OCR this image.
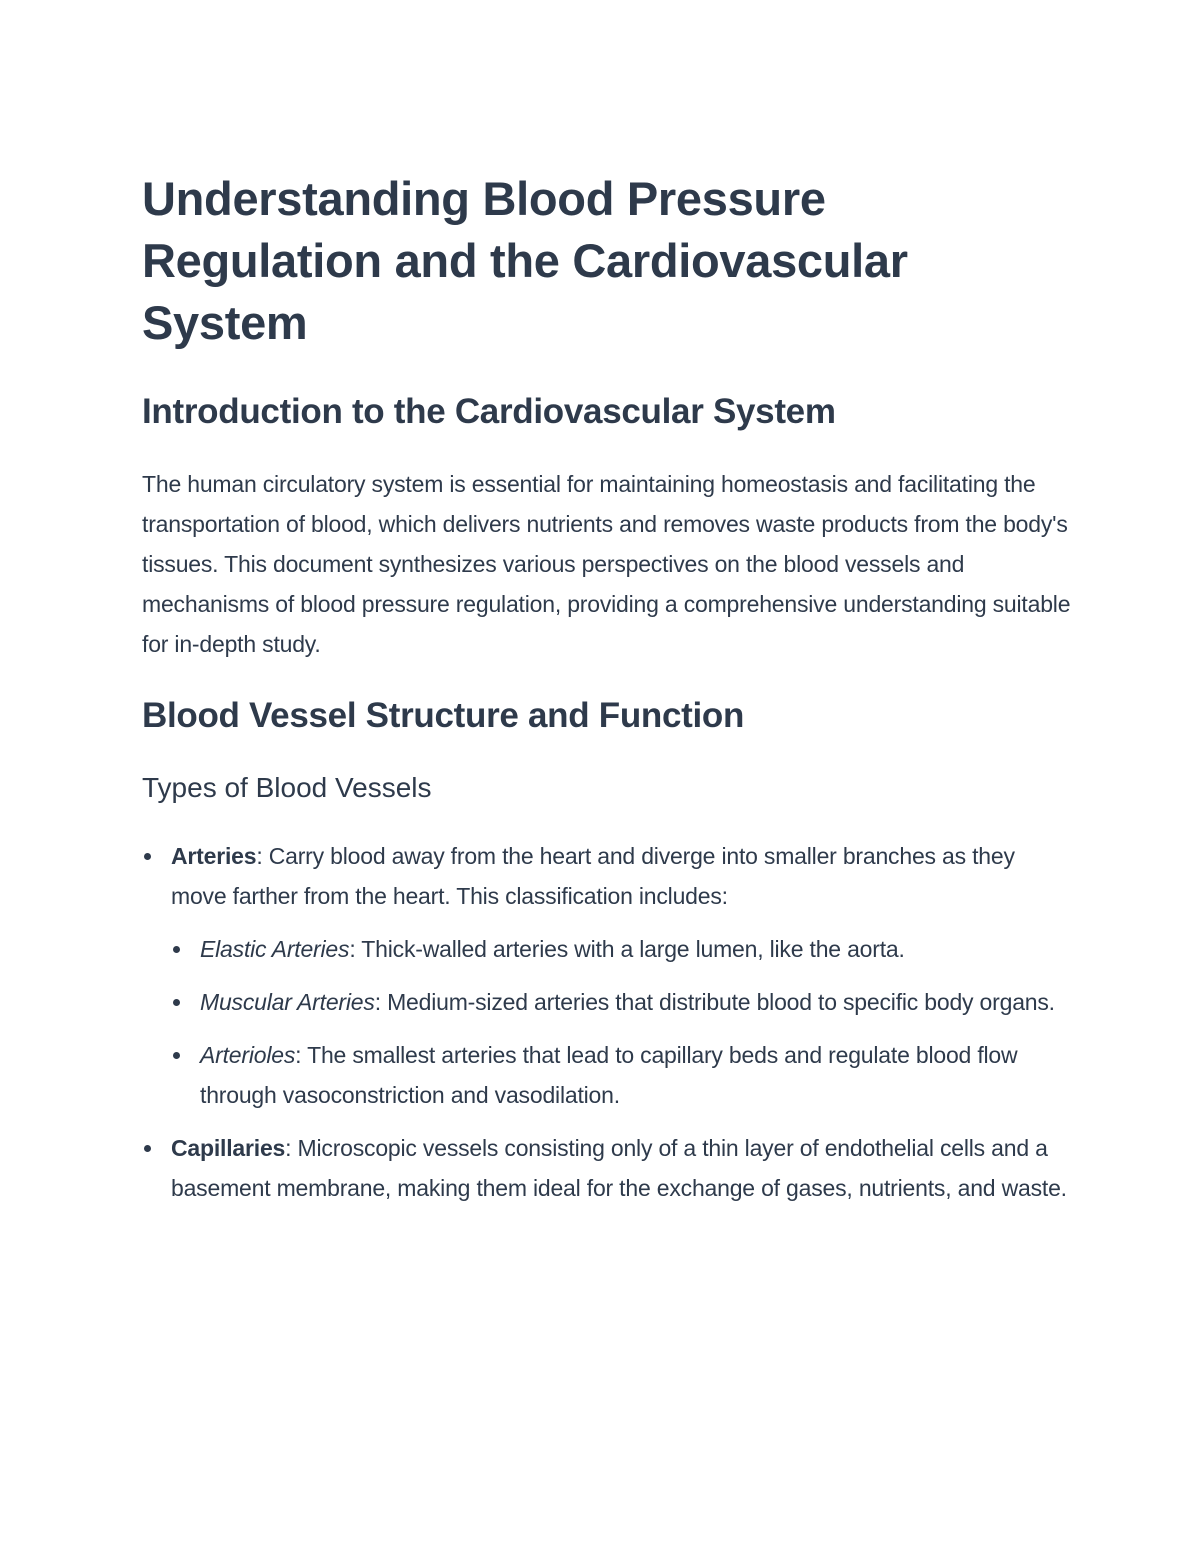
Understanding Blood Pressure Regulation and the Cardiovascular System
Introduction to the Cardiovascular System

The human circulatory system is essential for maintaining homeostasis and facilitating the transportation of blood, which delivers nutrients and removes waste products from the body's tissues. This document synthesizes various perspectives on the blood vessels and mechanisms of blood pressure regulation, providing a comprehensive understanding suitable for in-depth study.

Blood Vessel Structure and Function
Types of Blood Vessels
Arteries: Carry blood away from the heart and diverge into smaller branches as they move farther from the heart. This classification includes:
Elastic Arteries: Thick-walled arteries with a large lumen, like the aorta.
Muscular Arteries: Medium-sized arteries that distribute blood to specific body organs.
Arterioles: The smallest arteries that lead to capillary beds and regulate blood flow through vasoconstriction and vasodilation.
Capillaries: Microscopic vessels consisting only of a thin layer of endothelial cells and a basement membrane, making them ideal for the exchange of gases, nutrients, and waste.
